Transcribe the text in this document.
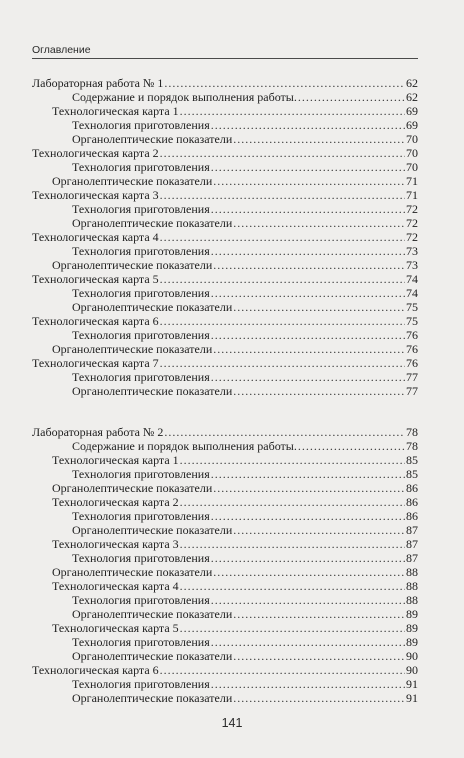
Оглавление
Лабораторная работа № 1 .....	62
Содержание и порядок выполнения работы. .....	62
Технологическая карта 1 .....	69
Технология приготовления .....	69
Органолептические показатели .....	70
Технологическая карта 2 .....	70
Технология приготовления .....	70
Органолептические показатели .....	71
Технологическая карта 3 .....	71
Технология приготовления .....	72
Органолептические показатели .....	72
Технологическая карта 4 .....	72
Технология приготовления .....	73
Органолептические показатели .....	73
Технологическая карта 5 .....	74
Технология приготовления .....	74
Органолептические показатели .....	75
Технологическая карта 6 .....	75
Технология приготовления .....	76
Органолептические показатели .....	76
Технологическая карта 7 .....	76
Технология приготовления .....	77
Органолептические показатели .....	77
Лабораторная работа № 2 .....	78
Содержание и порядок выполнения работы. .....	78
Технологическая карта 1 .....	85
Технология приготовления .....	85
Органолептические показатели .....	86
Технологическая карта 2 .....	86
Технология приготовления .....	86
Органолептические показатели .....	87
Технологическая карта 3 .....	87
Технология приготовления .....	87
Органолептические показатели .....	88
Технологическая карта 4 .....	88
Технология приготовления .....	88
Органолептические показатели .....	89
Технологическая карта 5 .....	89
Технология приготовления .....	89
Органолептические показатели .....	90
Технологическая карта 6 .....	90
Технология приготовления .....	91
Органолептические показатели .....	91
141
